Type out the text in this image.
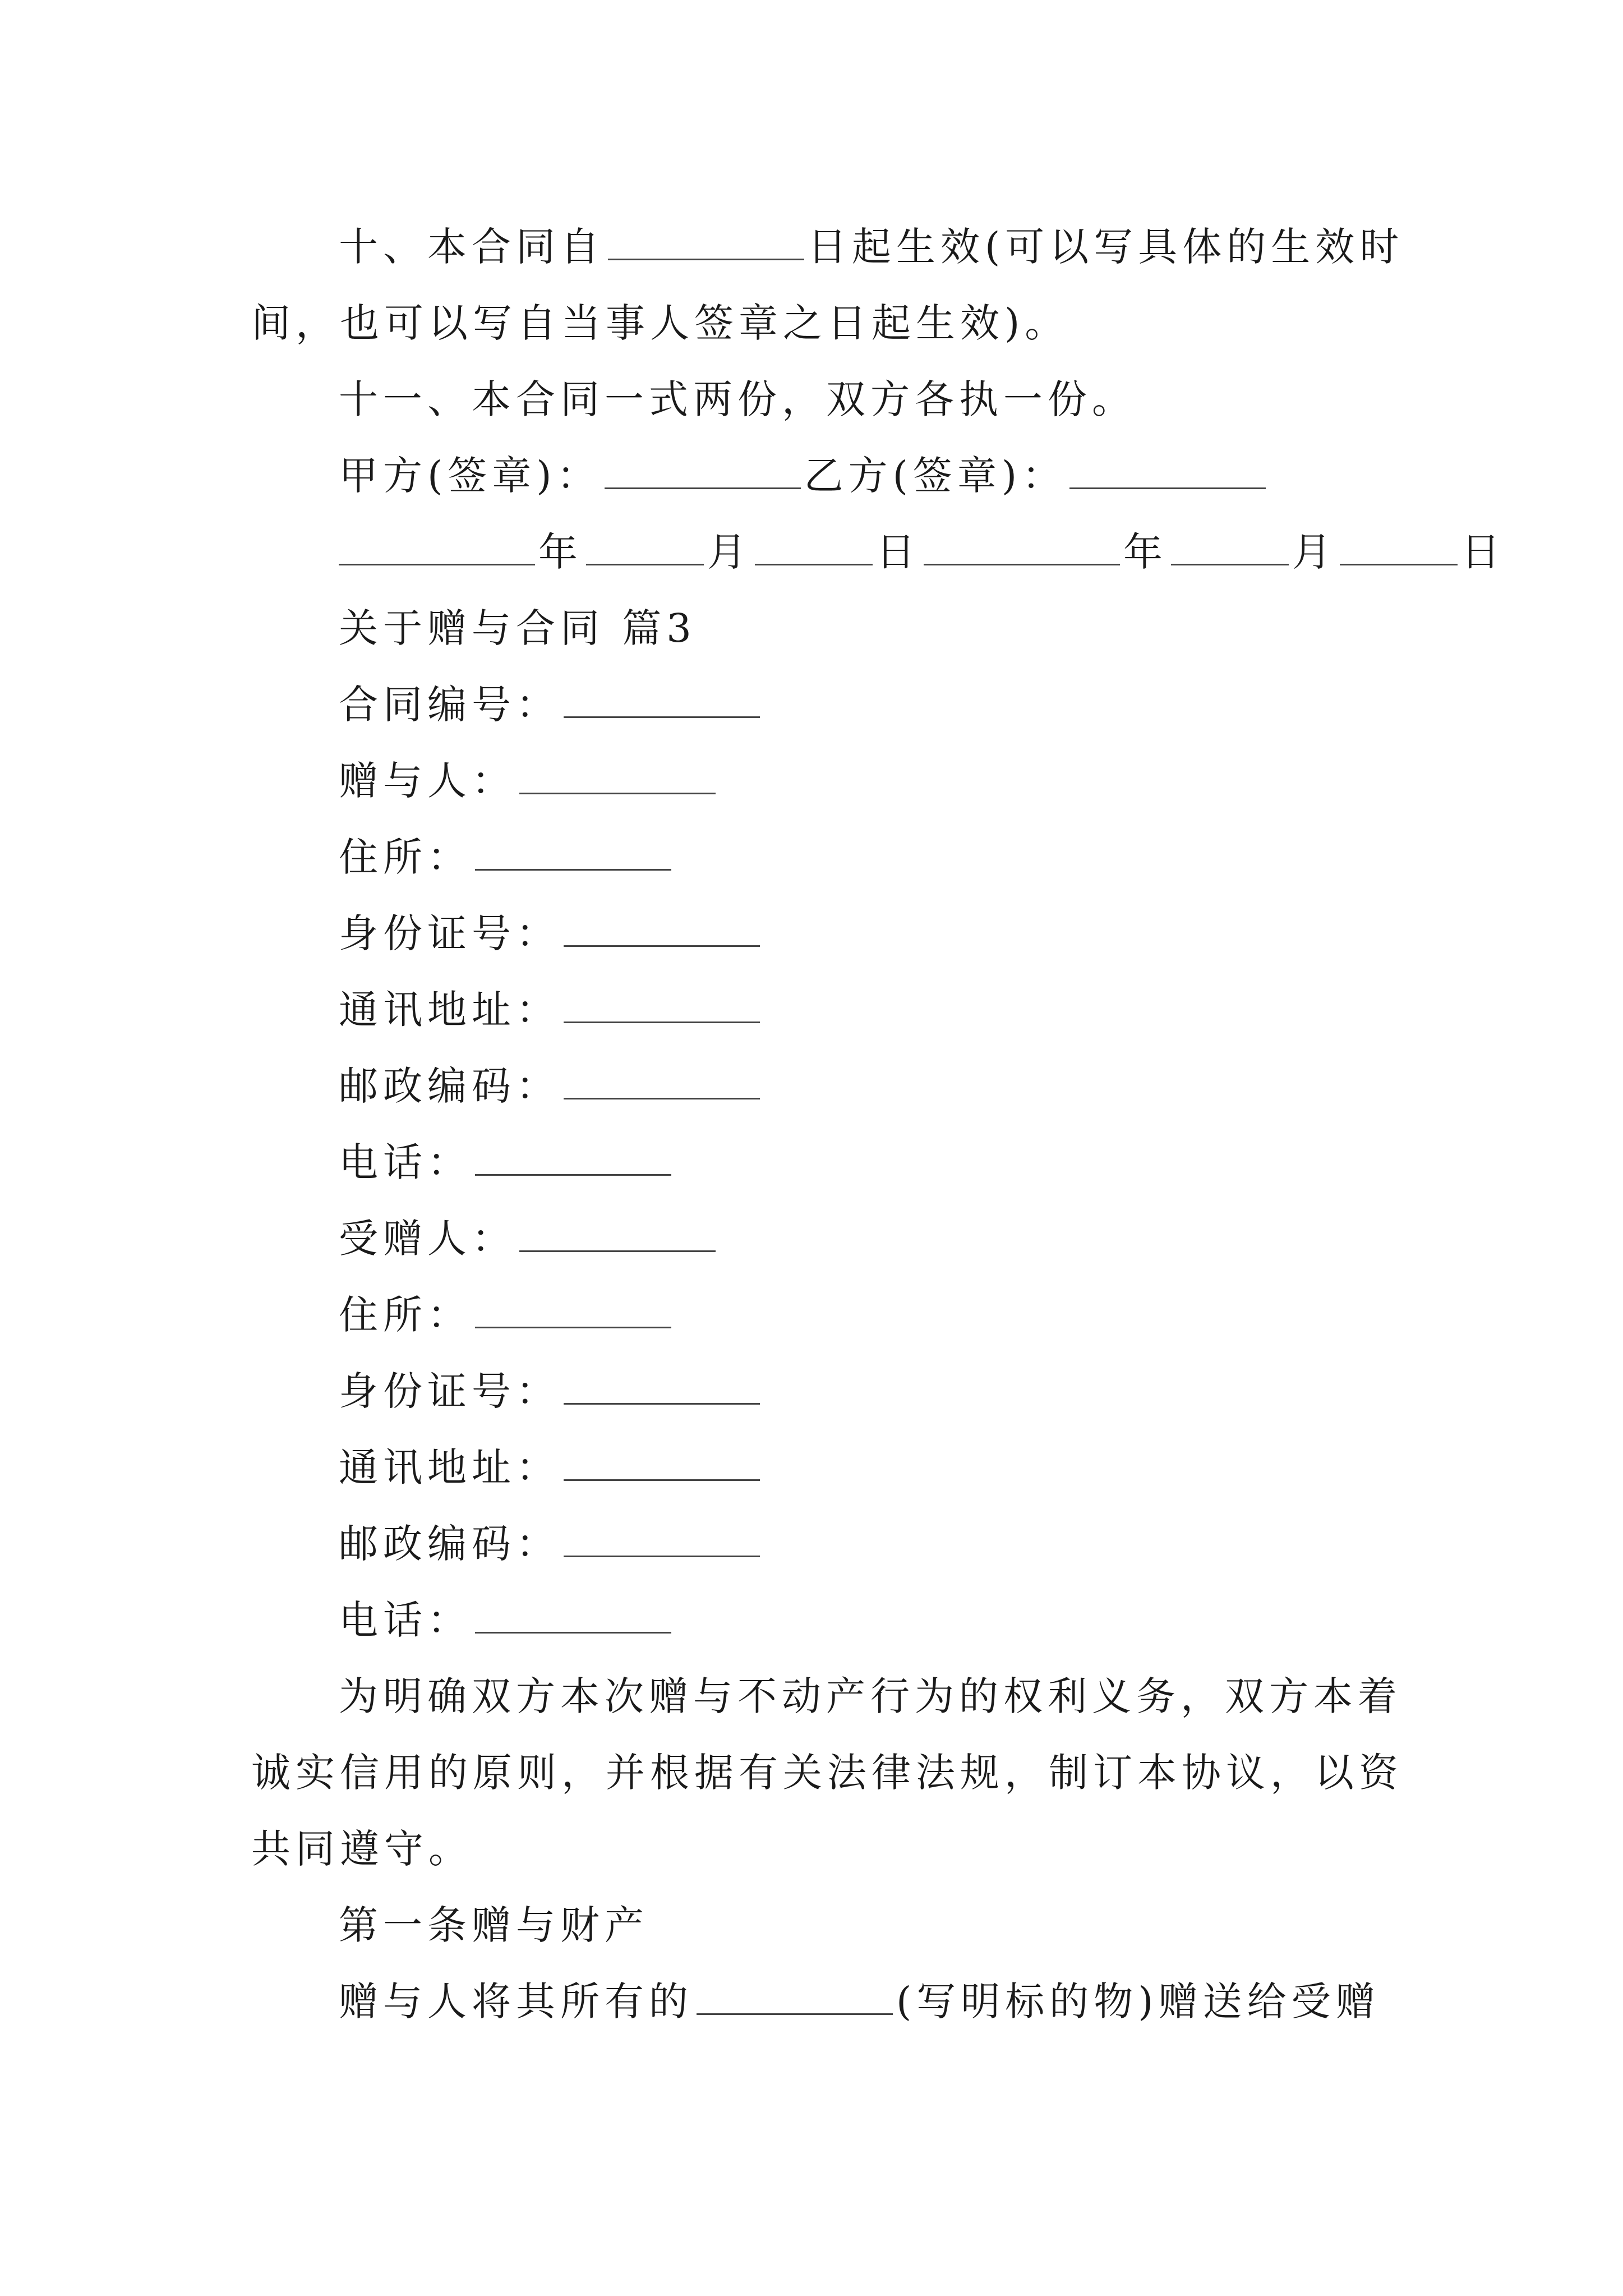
十、本合同自	日起生效(可以写具体的生效时
间，也可以写自当事人签章之日起生效)。
十一、本合同一式两份，双方各执一份。
甲方(签章)：	乙方(签章)：
年	月	日	年	月	日
关于赠与合同 篇3
合同编号：
赠与人：
住所：
身份证号：
通讯地址：
邮政编码：
电话：
受赠人：
住所：
身份证号：
通讯地址：
邮政编码：
电话：
为明确双方本次赠与不动产行为的权利义务，双方本着
诚实信用的原则，并根据有关法律法规，制订本协议，以资
共同遵守。
第一条赠与财产
赠与人将其所有的	(写明标的物)赠送给受赠
